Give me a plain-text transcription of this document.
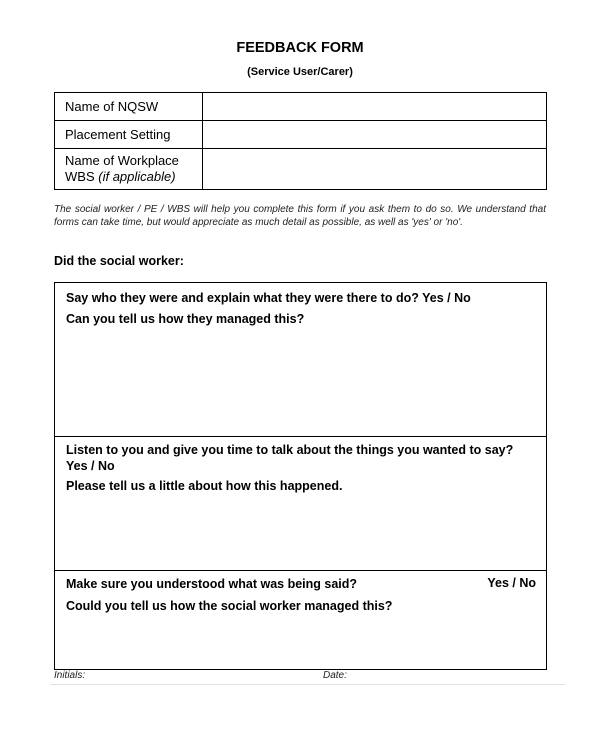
FEEDBACK FORM
(Service User/Carer)
Name of NQSW	
Placement Setting	
Name of Workplace
WBS (if applicable)	
The social worker / PE / WBS will help you complete this form if you ask them to do so. We understand that forms can take time, but would appreciate as much detail as possible, as well as 'yes' or 'no'.
Did the social worker:
Say who they were and explain what they were there to do? Yes / No
Can you tell us how they managed this?
Listen to you and give you time to talk about the things you wanted to say?
Yes / No
Please tell us a little about how this happened.
Make sure you understood what was being said?	Yes / No
Could you tell us how the social worker managed this?
Initials:	Date:
